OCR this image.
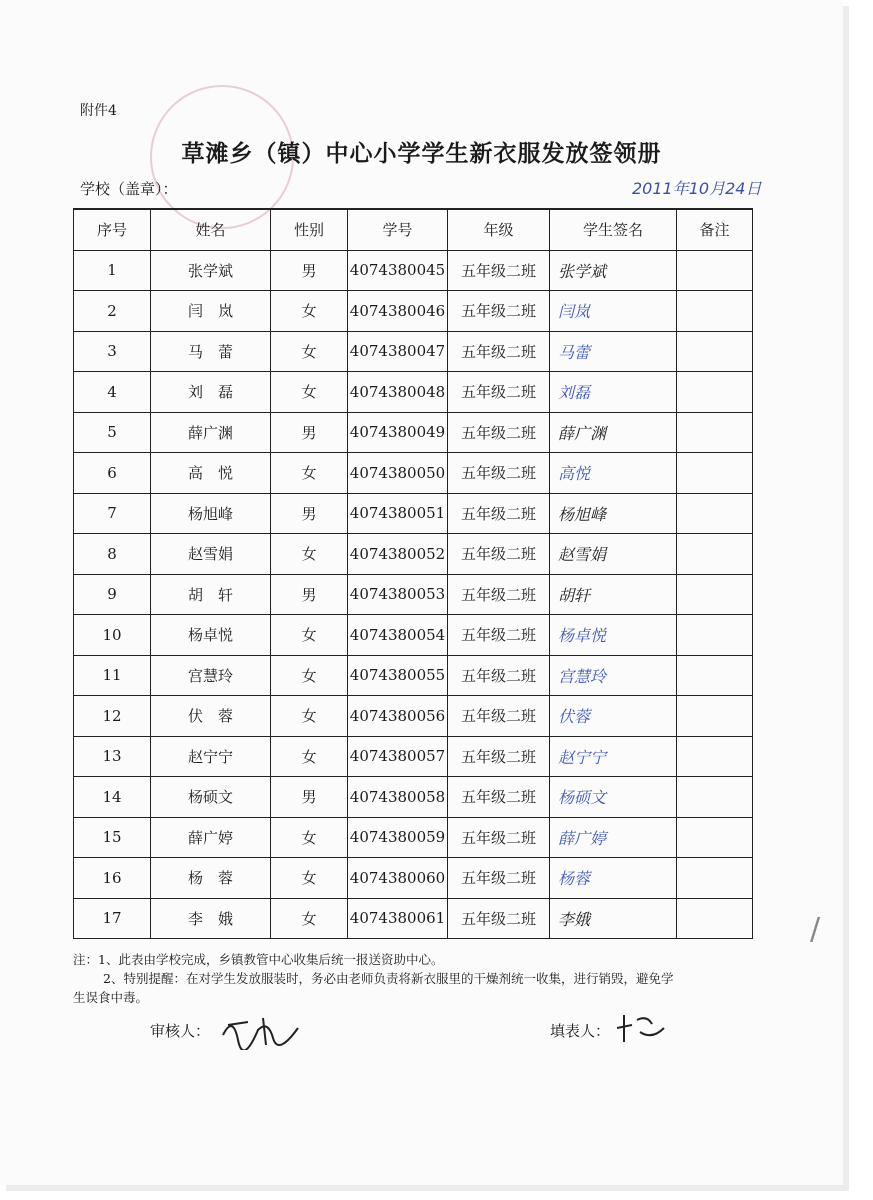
附件4
草滩乡（镇）中心小学学生新衣服发放签领册
学校（盖章）：	2011年10月24日
序号	姓名	性别	学号	年级	学生签名	备注
1	张学斌	男	4074380045	五年级二班	张学斌	
2	闫　岚	女	4074380046	五年级二班	闫岚	
3	马　蕾	女	4074380047	五年级二班	马蕾	
4	刘　磊	女	4074380048	五年级二班	刘磊	
5	薛广渊	男	4074380049	五年级二班	薛广渊	
6	高　悦	女	4074380050	五年级二班	高悦	
7	杨旭峰	男	4074380051	五年级二班	杨旭峰	
8	赵雪娟	女	4074380052	五年级二班	赵雪娟	
9	胡　轩	男	4074380053	五年级二班	胡轩	
10	杨卓悦	女	4074380054	五年级二班	杨卓悦	
11	宫慧玲	女	4074380055	五年级二班	宫慧玲	
12	伏　蓉	女	4074380056	五年级二班	伏蓉	
13	赵宁宁	女	4074380057	五年级二班	赵宁宁	
14	杨硕文	男	4074380058	五年级二班	杨硕文	
15	薛广婷	女	4074380059	五年级二班	薛广婷	
16	杨　蓉	女	4074380060	五年级二班	杨蓉	
17	李　娥	女	4074380061	五年级二班	李娥	

注：1、此表由学校完成，乡镇教管中心收集后统一报送资助中心。

2、特别提醒：在对学生发放服装时，务必由老师负责将新衣服里的干燥剂统一收集，进行销毁，避免学

生误食中毒。

审核人：	填表人：
/
